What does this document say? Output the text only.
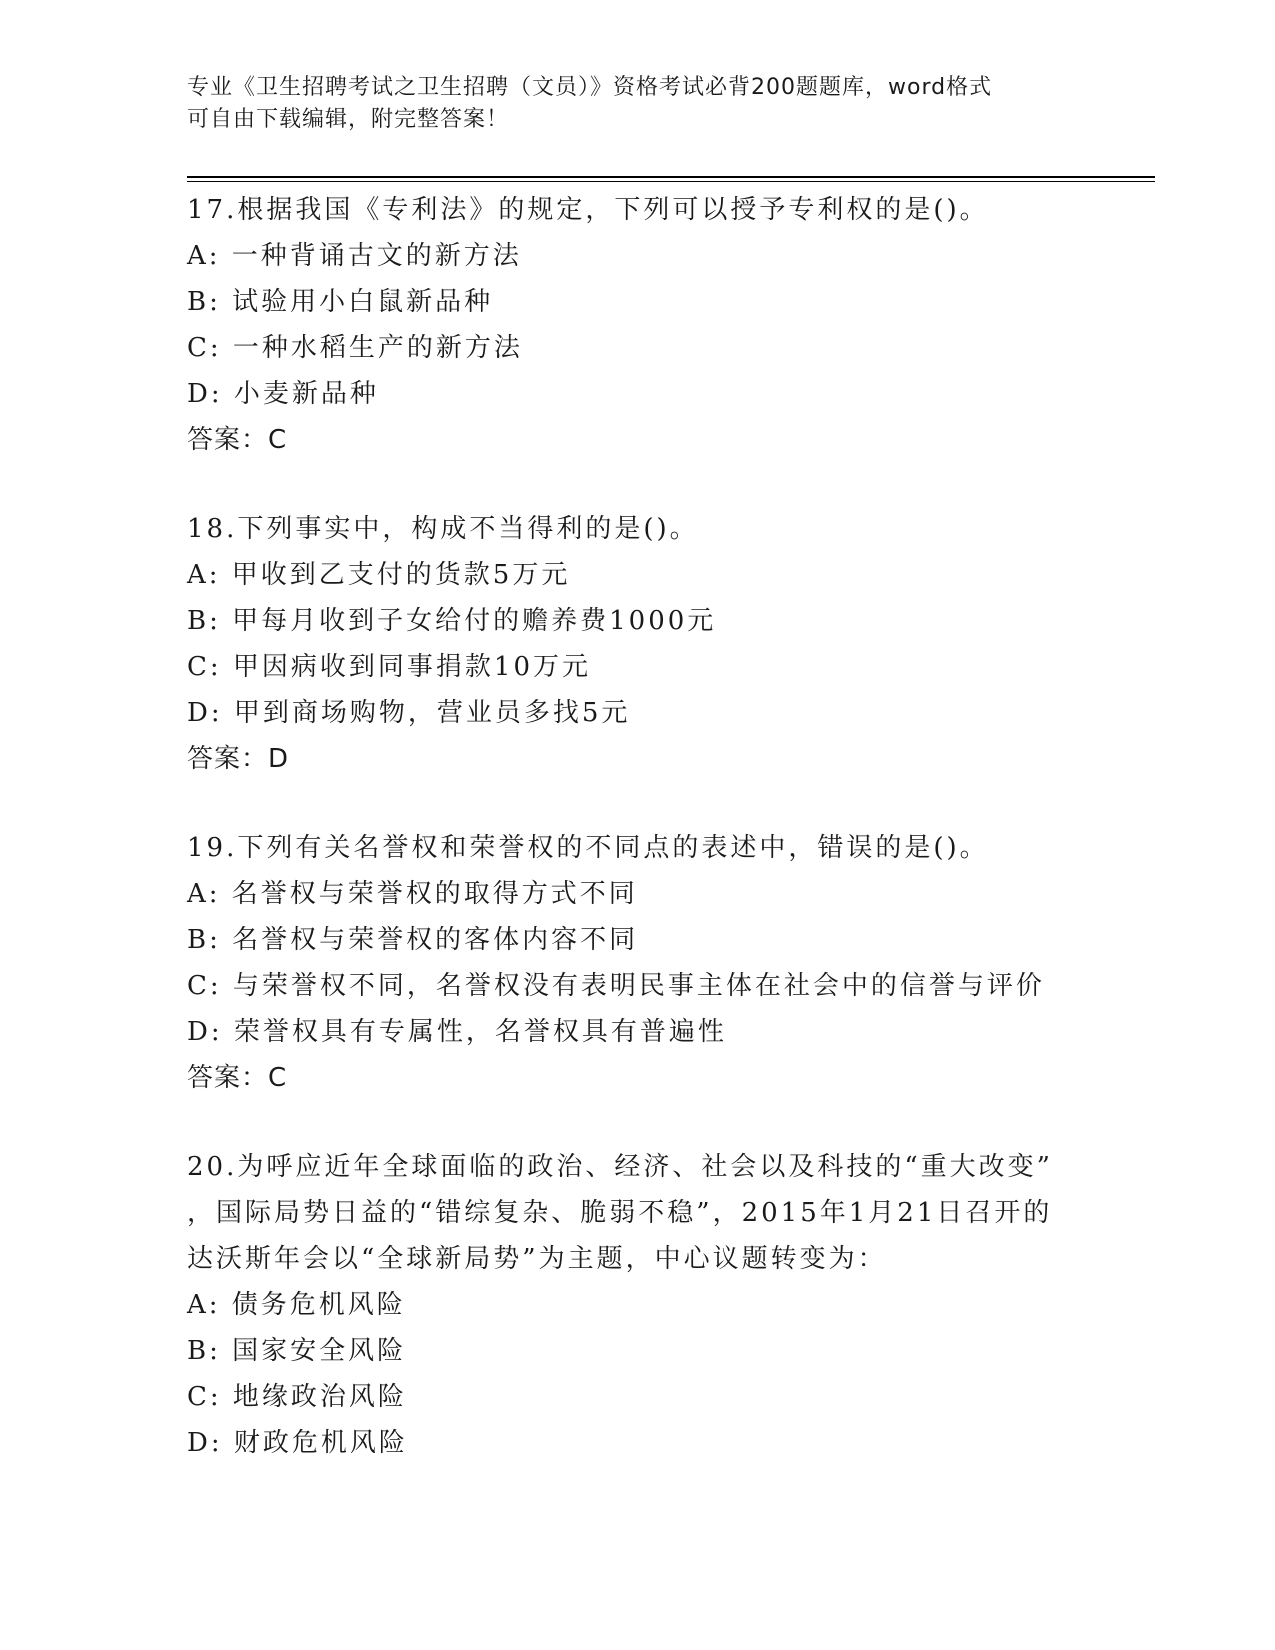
专业《卫生招聘考试之卫生招聘（文员）》资格考试必背200题题库，word格式
可自由下载编辑，附完整答案！
17.根据我国《专利法》的规定，下列可以授予专利权的是()。
A: 一种背诵古文的新方法
B: 试验用小白鼠新品种
C: 一种水稻生产的新方法
D: 小麦新品种
答案：C
18.下列事实中，构成不当得利的是()。
A: 甲收到乙支付的货款5万元
B: 甲每月收到子女给付的赡养费1000元
C: 甲因病收到同事捐款10万元
D: 甲到商场购物，营业员多找5元
答案：D
19.下列有关名誉权和荣誉权的不同点的表述中，错误的是()。
A: 名誉权与荣誉权的取得方式不同
B: 名誉权与荣誉权的客体内容不同
C: 与荣誉权不同，名誉权没有表明民事主体在社会中的信誉与评价
D: 荣誉权具有专属性，名誉权具有普遍性
答案：C
20.为呼应近年全球面临的政治、经济、社会以及科技的“重大改变”
，国际局势日益的“错综复杂、脆弱不稳”，2015年1月21日召开的
达沃斯年会以“全球新局势”为主题，中心议题转变为：
A: 债务危机风险
B: 国家安全风险
C: 地缘政治风险
D: 财政危机风险
